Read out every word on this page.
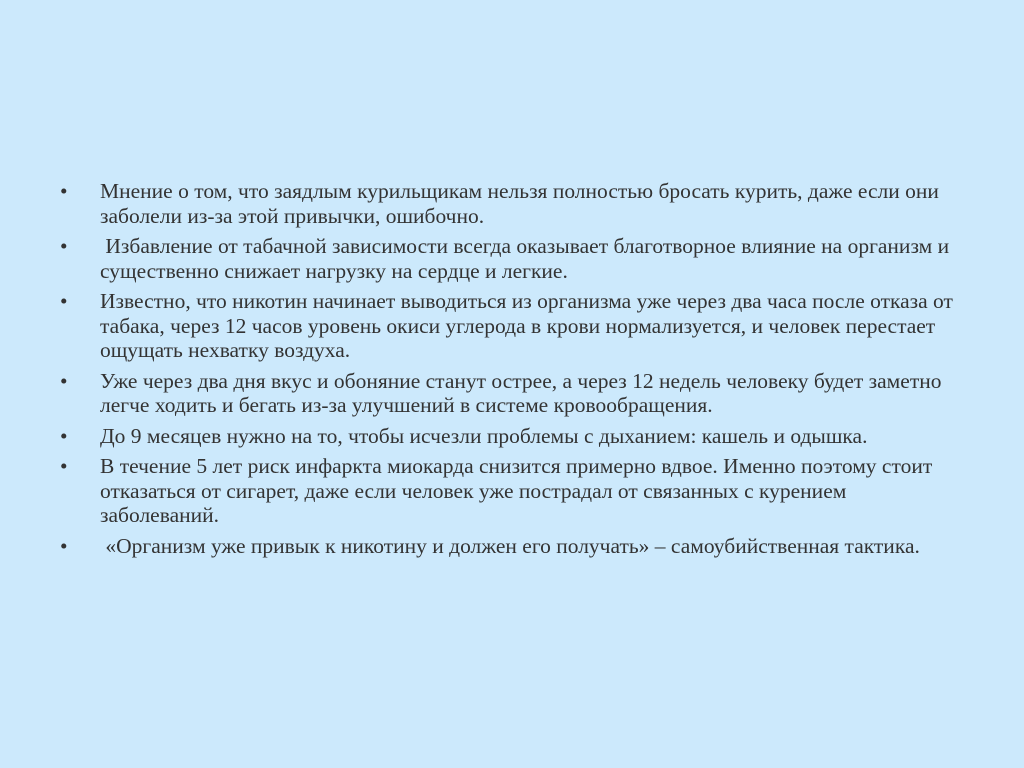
•	Мнение о том, что заядлым курильщикам нельзя полностью бросать курить, даже если они заболели из-за этой привычки, ошибочно.
•	Избавление от табачной зависимости всегда оказывает благотворное влияние на организм и существенно снижает нагрузку на сердце и легкие.
•	Известно, что никотин начинает выводиться из организма уже через два часа после отказа от табака, через 12 часов уровень окиси углерода в крови нормализуется, и человек перестает ощущать нехватку воздуха.
•	Уже через два дня вкус и обоняние станут острее, а через 12 недель человеку будет заметно легче ходить и бегать из-за улучшений в системе кровообращения.
•	До 9 месяцев нужно на то, чтобы исчезли проблемы с дыханием: кашель и одышка.
•	В течение 5 лет риск инфаркта миокарда снизится примерно вдвое. Именно поэтому стоит отказаться от сигарет, даже если человек уже пострадал от связанных с курением заболеваний.
•	«Организм уже привык к никотину и должен его получать» – самоубийственная тактика.
